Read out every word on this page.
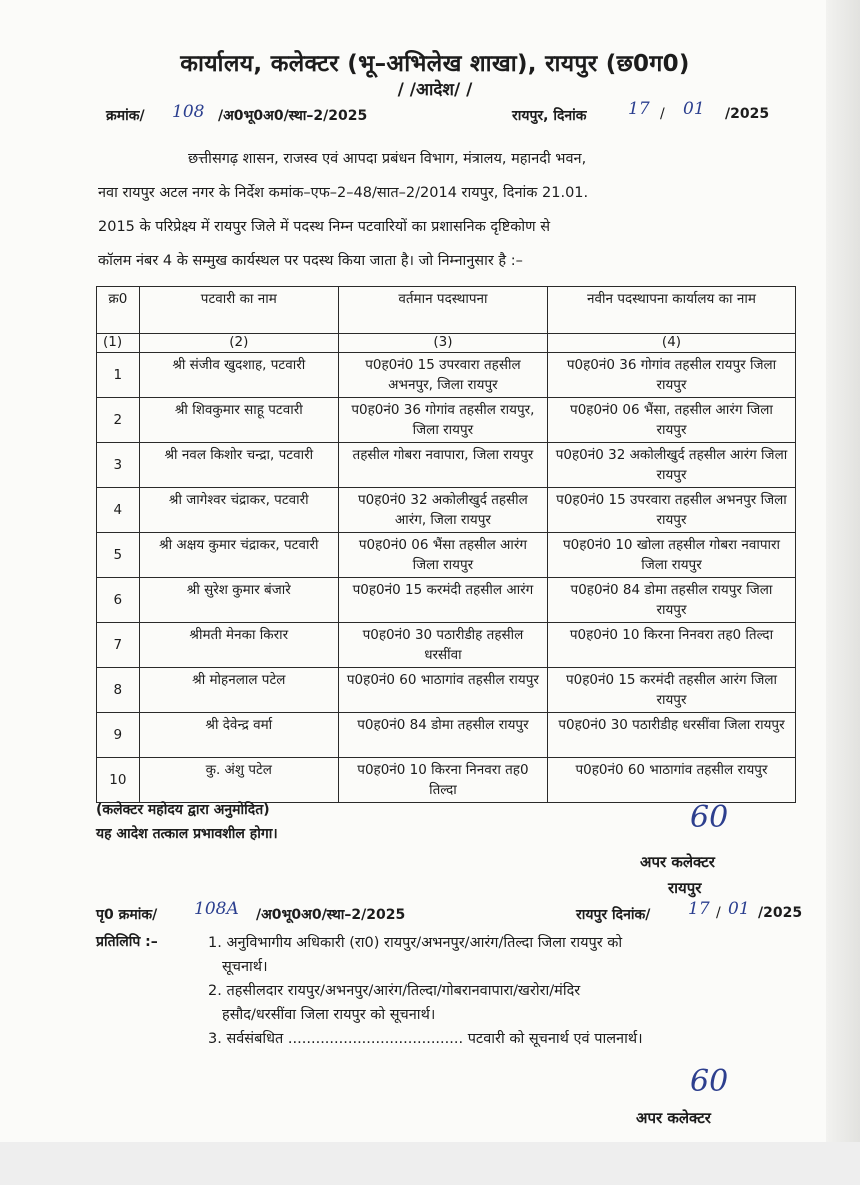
कार्यालय, कलेक्टर (भू–अभिलेख शाखा), रायपुर (छ0ग0)
/ /आदेश/ /
क्रमांक/ 108 /अ0भू0अ0/स्था–2/2025	रायपुर, दिनांक 17 / 01 /2025
छत्तीसगढ़ शासन, राजस्व एवं आपदा प्रबंधन विभाग, मंत्रालय, महानदी भवन,
नवा रायपुर अटल नगर के निर्देश कमांक–एफ–2–48/सात–2/2014 रायपुर, दिनांक 21.01.
2015 के परिप्रेक्ष्य में रायपुर जिले में पदस्थ निम्न पटवारियों का प्रशासनिक दृष्टिकोण से
कॉलम नंबर 4 के सम्मुख कार्यस्थल पर पदस्थ किया जाता है। जो निम्नानुसार है :–
क्र0	पटवारी का नाम	वर्तमान पदस्थापना	नवीन पदस्थापना कार्यालय का नाम
(1)	(2)	(3)	(4)
1	श्री संजीव खुदशाह, पटवारी	प0ह0नं0 15 उपरवारा तहसील अभनपुर, जिला रायपुर	प0ह0नं0 36 गोगांव तहसील रायपुर जिला रायपुर
2	श्री शिवकुमार साहू पटवारी	प0ह0नं0 36 गोगांव तहसील रायपुर, जिला रायपुर	प0ह0नं0 06 भैंसा, तहसील आरंग जिला रायपुर
3	श्री नवल किशोर चन्द्रा, पटवारी	तहसील गोबरा नवापारा, जिला रायपुर	प0ह0नं0 32 अकोलीखुर्द तहसील आरंग जिला रायपुर
4	श्री जागेश्वर चंद्राकर, पटवारी	प0ह0नं0 32 अकोलीखुर्द तहसील आरंग, जिला रायपुर	प0ह0नं0 15 उपरवारा तहसील अभनपुर जिला रायपुर
5	श्री अक्षय कुमार चंद्राकर, पटवारी	प0ह0नं0 06 भैंसा तहसील आरंग जिला रायपुर	प0ह0नं0 10 खोला तहसील गोबरा नवापारा जिला रायपुर
6	श्री सुरेश कुमार बंजारे	प0ह0नं0 15 करमंदी तहसील आरंग	प0ह0नं0 84 डोमा तहसील रायपुर जिला रायपुर
7	श्रीमती मेनका किरार	प0ह0नं0 30 पठारीडीह तहसील धरसींवा	प0ह0नं0 10 किरना निनवरा तह0 तिल्दा
8	श्री मोहनलाल पटेल	प0ह0नं0 60 भाठागांव तहसील रायपुर	प0ह0नं0 15 करमंदी तहसील आरंग जिला रायपुर
9	श्री देवेन्द्र वर्मा	प0ह0नं0 84 डोमा तहसील रायपुर	प0ह0नं0 30 पठारीडीह धरसींवा जिला रायपुर
10	कु. अंशु पटेल	प0ह0नं0 10 किरना निनवरा तह0 तिल्दा	प0ह0नं0 60 भाठागांव तहसील रायपुर
(कलेक्टर महोदय द्वारा अनुमोदित)
यह आदेश तत्काल प्रभावशील होगा।	60
अपर कलेक्टर
रायपुर
पृ0 क्रमांक/ 108A /अ0भू0अ0/स्था–2/2025	रायपुर दिनांक/ 17 / 01 /2025
प्रतिलिपि :–	1. अनुविभागीय अधिकारी (रा0) रायपुर/अभनपुर/आरंग/तिल्दा जिला रायपुर को
सूचनार्थ।
2. तहसीलदार रायपुर/अभनपुर/आरंग/तिल्दा/गोबरानवापारा/खरोरा/मंदिर
हसौद/धरसींवा जिला रायपुर को सूचनार्थ।
3. सर्वसंबधित ...................................... पटवारी को सूचनार्थ एवं पालनार्थ।
60
अपर कलेक्टर
